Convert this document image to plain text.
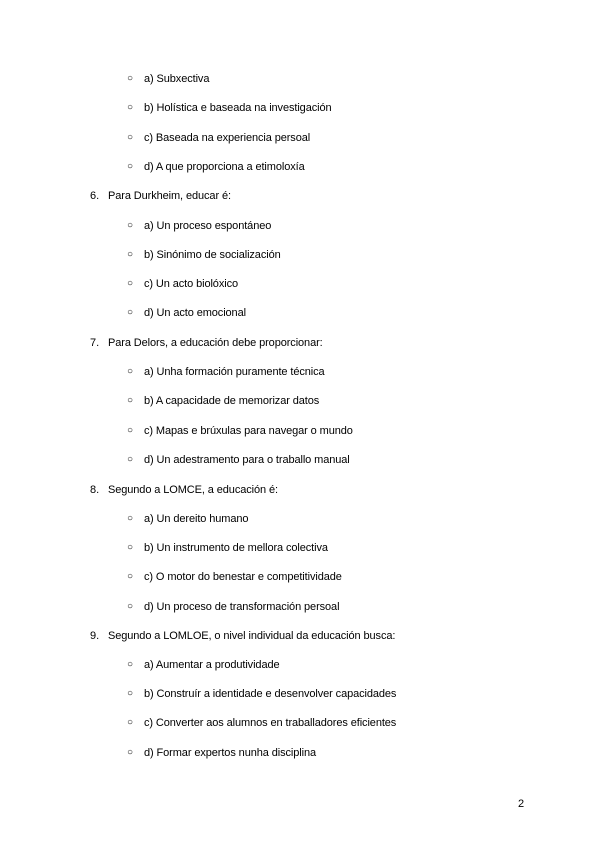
○ a) Subxectiva
○ b) Holística e baseada na investigación
○ c) Baseada na experiencia persoal
○ d) A que proporciona a etimoloxía
6. Para Durkheim, educar é:
○ a) Un proceso espontáneo
○ b) Sinónimo de socialización
○ c) Un acto biolóxico
○ d) Un acto emocional
7. Para Delors, a educación debe proporcionar:
○ a) Unha formación puramente técnica
○ b) A capacidade de memorizar datos
○ c) Mapas e brúxulas para navegar o mundo
○ d) Un adestramento para o traballo manual
8. Segundo a LOMCE, a educación é:
○ a) Un dereito humano
○ b) Un instrumento de mellora colectiva
○ c) O motor do benestar e competitividade
○ d) Un proceso de transformación persoal
9. Segundo a LOMLOE, o nivel individual da educación busca:
○ a) Aumentar a produtividade
○ b) Construír a identidade e desenvolver capacidades
○ c) Converter aos alumnos en traballadores eficientes
○ d) Formar expertos nunha disciplina
2
